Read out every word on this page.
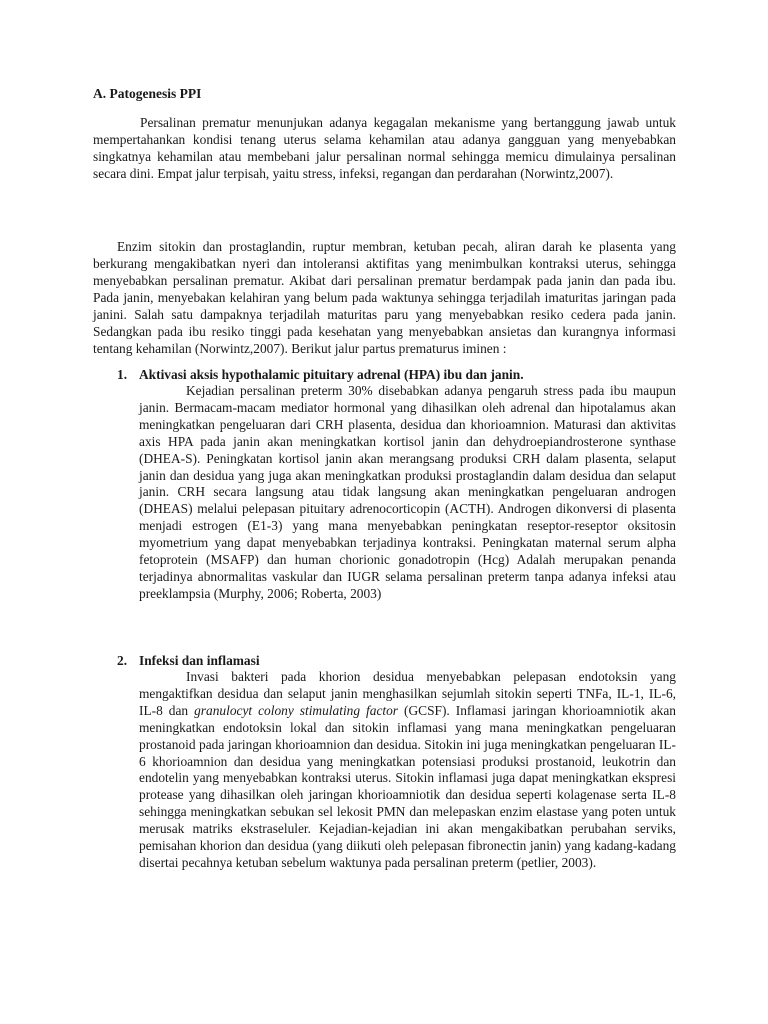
A. Patogenesis PPI

Persalinan prematur menunjukan adanya kegagalan mekanisme yang bertanggung jawab untuk mempertahankan kondisi tenang uterus selama kehamilan atau adanya gangguan yang menyebabkan singkatnya kehamilan atau membebani jalur persalinan normal sehingga memicu dimulainya persalinan secara dini. Empat jalur terpisah, yaitu stress, infeksi, regangan dan perdarahan (Norwintz,2007).

Enzim sitokin dan prostaglandin, ruptur membran, ketuban pecah, aliran darah ke plasenta yang berkurang mengakibatkan nyeri dan intoleransi aktifitas yang menimbulkan kontraksi uterus, sehingga menyebabkan persalinan prematur. Akibat dari persalinan prematur berdampak pada janin dan pada ibu. Pada janin, menyebakan kelahiran yang belum pada waktunya sehingga terjadilah imaturitas jaringan pada janini. Salah satu dampaknya terjadilah maturitas paru yang menyebabkan resiko cedera pada janin. Sedangkan pada ibu resiko tinggi pada kesehatan yang menyebabkan ansietas dan kurangnya informasi tentang kehamilan (Norwintz,2007). Berikut jalur partus prematurus iminen :

1. Aktivasi aksis hypothalamic pituitary adrenal (HPA) ibu dan janin.

Kejadian persalinan preterm 30% disebabkan adanya pengaruh stress pada ibu maupun janin. Bermacam-macam mediator hormonal yang dihasilkan oleh adrenal dan hipotalamus akan meningkatkan pengeluaran dari CRH plasenta, desidua dan khorioamnion. Maturasi dan aktivitas axis HPA pada janin akan meningkatkan kortisol janin dan dehydroepiandrosterone synthase (DHEA-S). Peningkatan kortisol janin akan merangsang produksi CRH dalam plasenta, selaput janin dan desidua yang juga akan meningkatkan produksi prostaglandin dalam desidua dan selaput janin. CRH secara langsung atau tidak langsung akan meningkatkan pengeluaran androgen (DHEAS) melalui pelepasan pituitary adrenocorticopin (ACTH). Androgen dikonversi di plasenta menjadi estrogen (E1-3) yang mana menyebabkan peningkatan reseptor-reseptor oksitosin myometrium yang dapat menyebabkan terjadinya kontraksi. Peningkatan maternal serum alpha fetoprotein (MSAFP) dan human chorionic gonadotropin (Hcg) Adalah merupakan penanda terjadinya abnormalitas vaskular dan IUGR selama persalinan preterm tanpa adanya infeksi atau preeklampsia (Murphy, 2006; Roberta, 2003)

2. Infeksi dan inflamasi

Invasi bakteri pada khorion desidua menyebabkan pelepasan endotoksin yang mengaktifkan desidua dan selaput janin menghasilkan sejumlah sitokin seperti TNFa, IL-1, IL-6, IL-8 dan granulocyt colony stimulating factor (GCSF). Inflamasi jaringan khorioamniotik akan meningkatkan endotoksin lokal dan sitokin inflamasi yang mana meningkatkan pengeluaran prostanoid pada jaringan khorioamnion dan desidua. Sitokin ini juga meningkatkan pengeluaran IL-6 khorioamnion dan desidua yang meningkatkan potensiasi produksi prostanoid, leukotrin dan endotelin yang menyebabkan kontraksi uterus. Sitokin inflamasi juga dapat meningkatkan ekspresi protease yang dihasilkan oleh jaringan khorioamniotik dan desidua seperti kolagenase serta IL-8 sehingga meningkatkan sebukan sel lekosit PMN dan melepaskan enzim elastase yang poten untuk merusak matriks ekstraseluler. Kejadian-kejadian ini akan mengakibatkan perubahan serviks, pemisahan khorion dan desidua (yang diikuti oleh pelepasan fibronectin janin) yang kadang-kadang disertai pecahnya ketuban sebelum waktunya pada persalinan preterm (petlier, 2003).
